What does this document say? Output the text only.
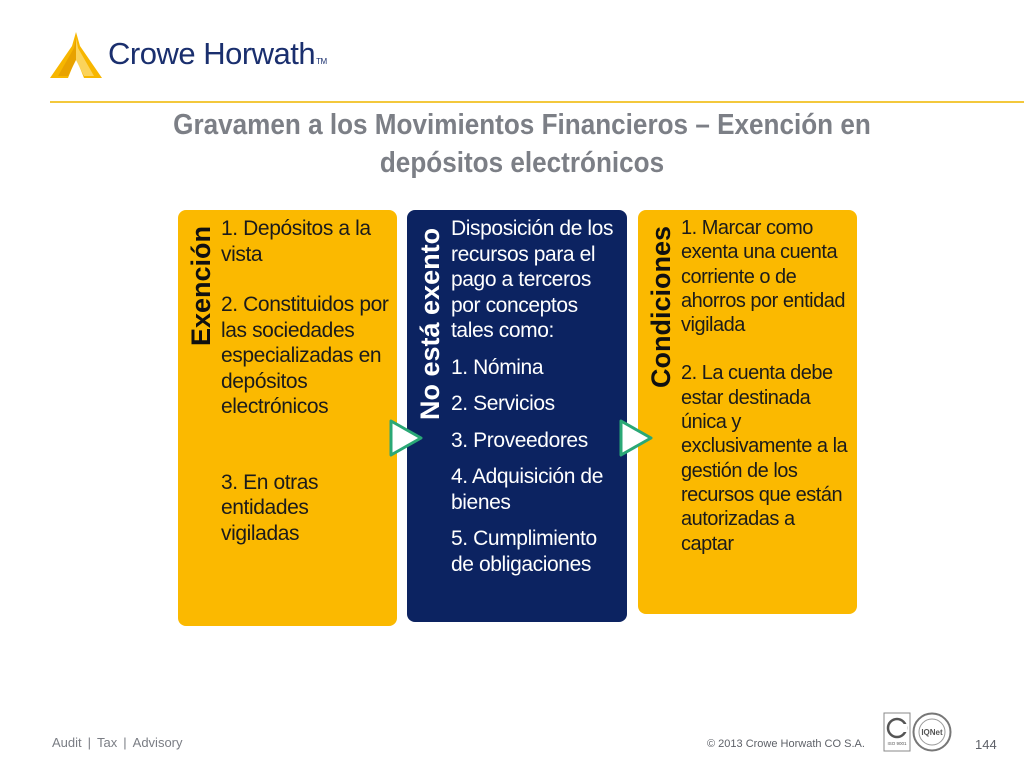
Crowe HorwathTM
Gravamen a los Movimientos Financieros – Exención en depósitos electrónicos
Exención 1. Depósitos a la vista

2. Constituidos por las sociedades especializadas en depósitos electrónicos

3. En otras entidades vigiladas

No está exento Disposición de los recursos para el pago a terceros por conceptos tales como:

1. Nómina

2. Servicios

3. Proveedores

4. Adquisición de bienes

5. Cumplimiento de obligaciones

Condiciones 1. Marcar como exenta una cuenta corriente o de ahorros por entidad vigilada

2. La cuenta debe estar destinada única y exclusivamente a la gestión de los recursos que están autorizadas a captar

Audit | Tax | Advisory	© 2013 Crowe Horwath CO S.A.	ISO 9001
IQNet
144
